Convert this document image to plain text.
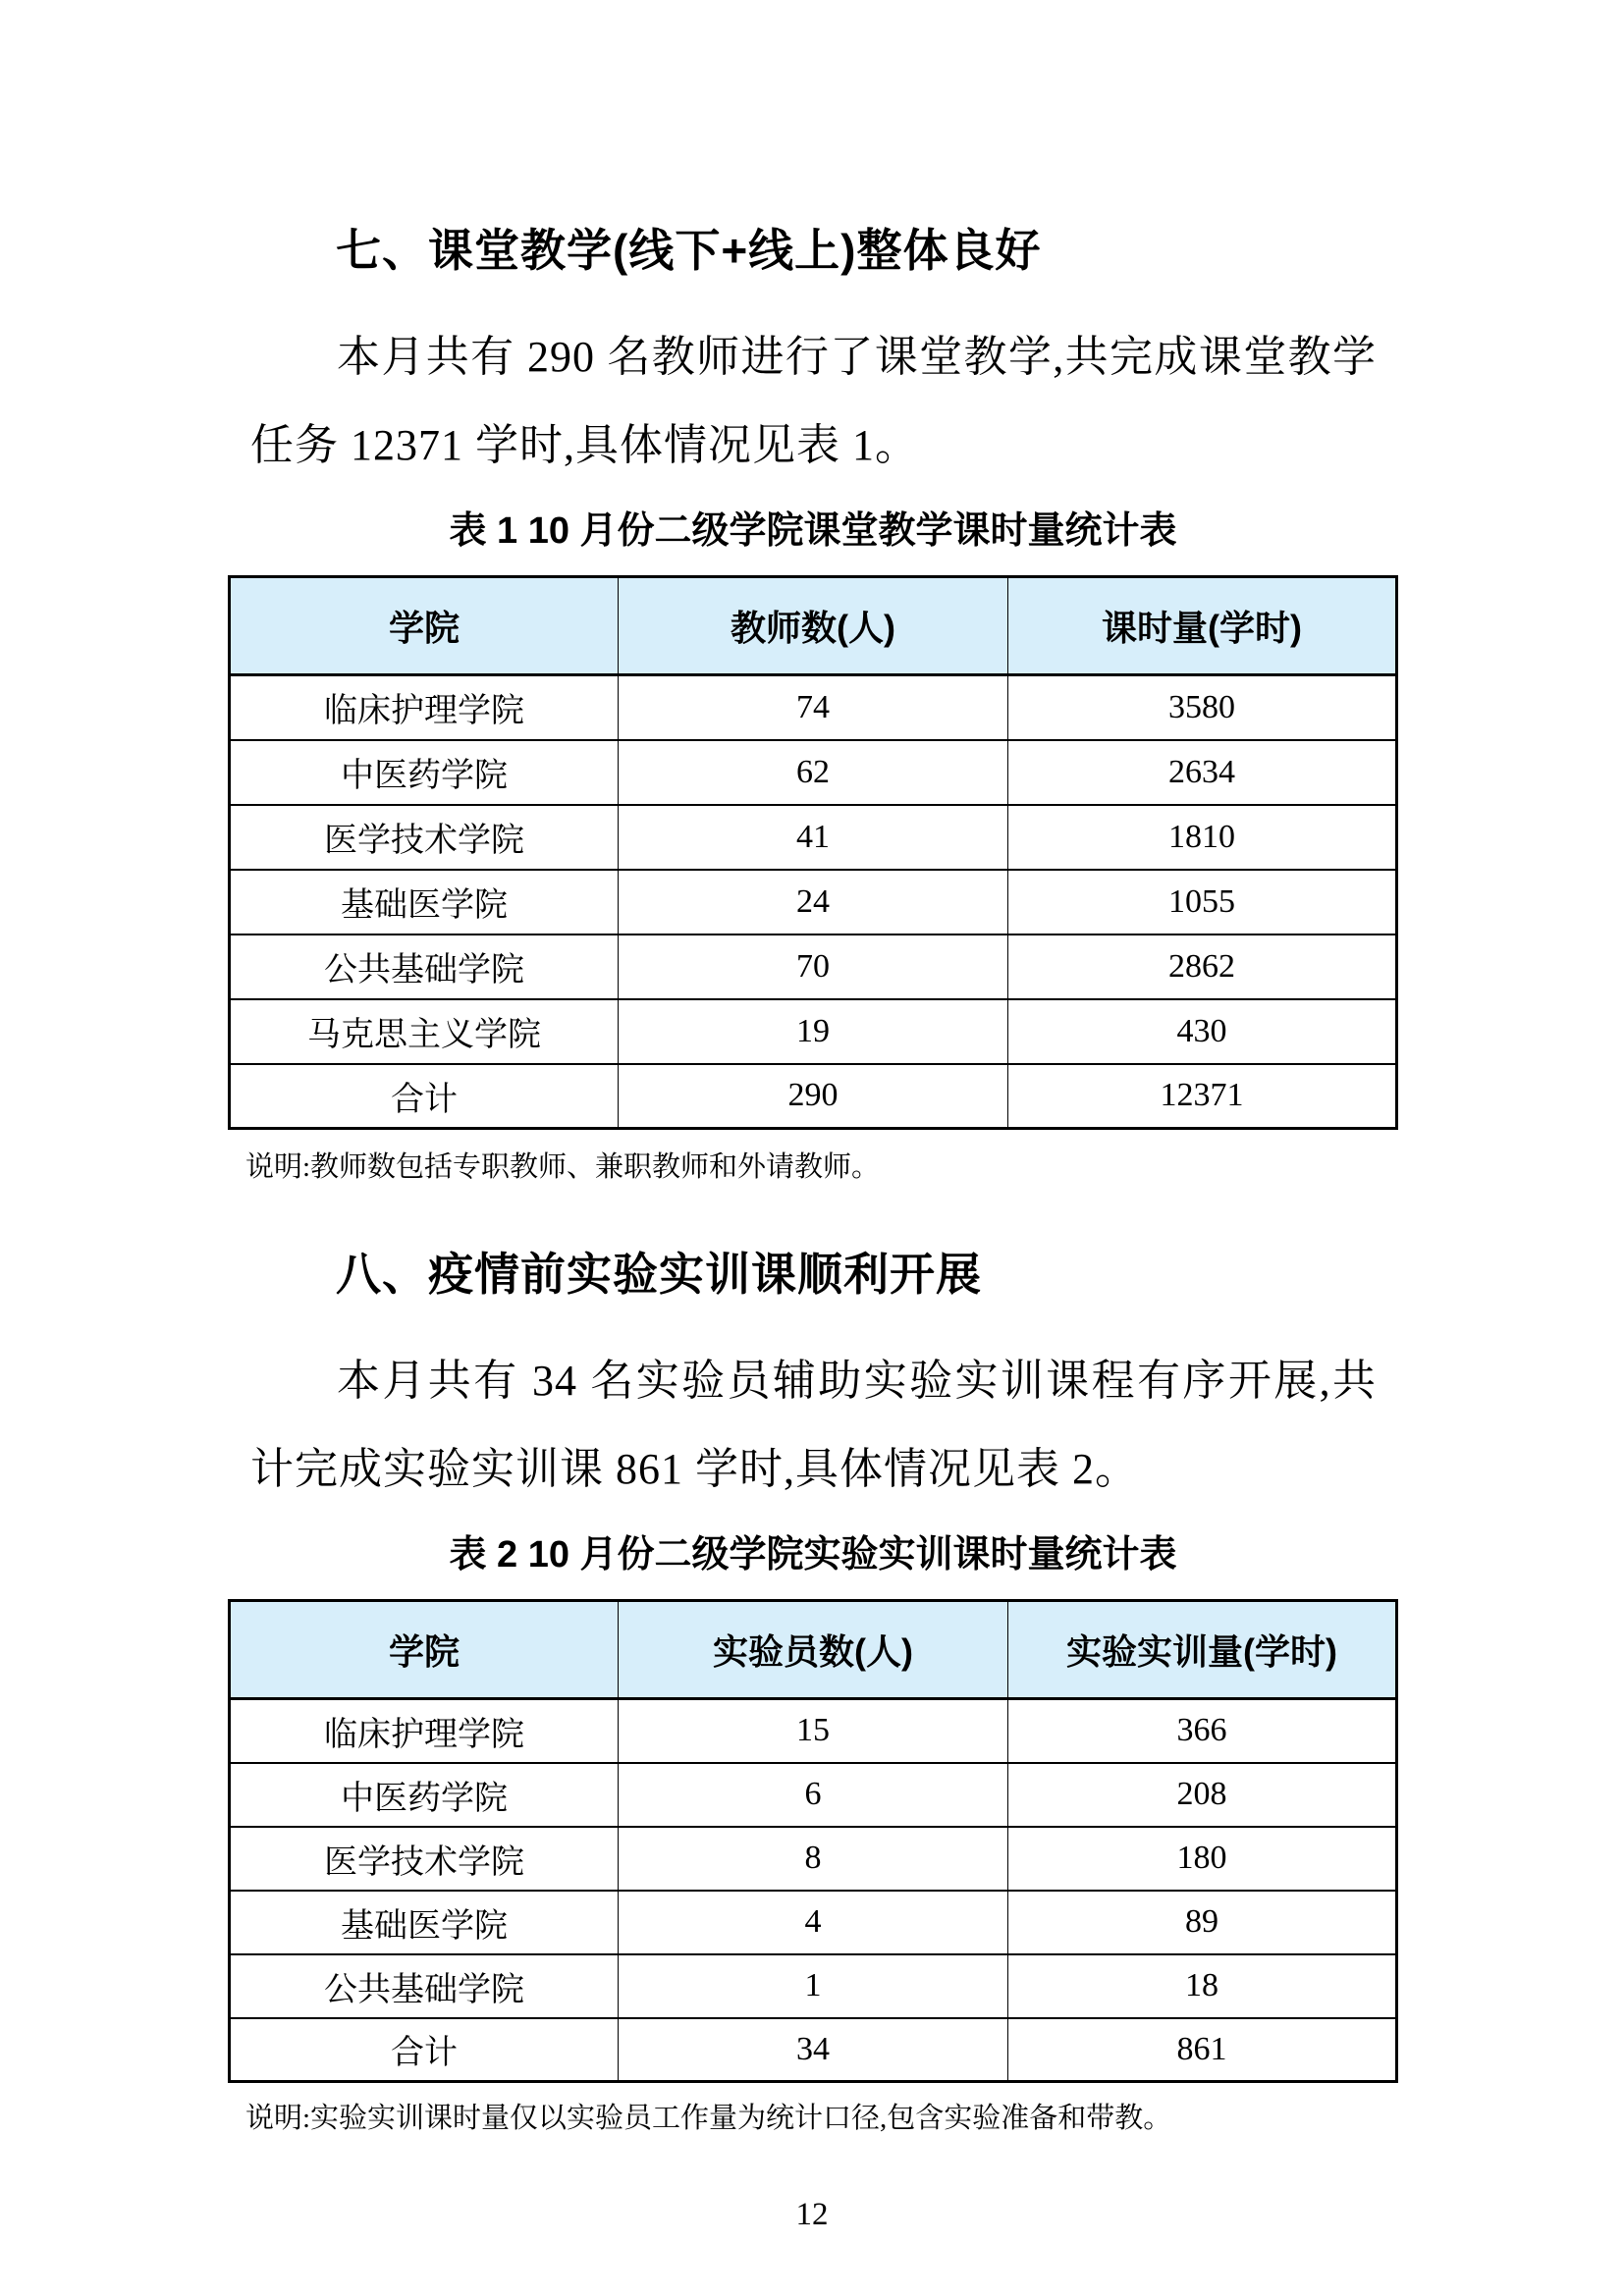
七、课堂教学(线下+线上)整体良好

本月共有 290 名教师进行了课堂教学,共完成课堂教学任务 12371 学时,具体情况见表 1。

表 1 10 月份二级学院课堂教学课时量统计表
学院	教师数(人)	课时量(学时)
临床护理学院	74	3580
中医药学院	62	2634
医学技术学院	41	1810
基础医学院	24	1055
公共基础学院	70	2862
马克思主义学院	19	430
合计	290	12371
说明:教师数包括专职教师、兼职教师和外请教师。
八、疫情前实验实训课顺利开展

本月共有 34 名实验员辅助实验实训课程有序开展,共计完成实验实训课 861 学时,具体情况见表 2。

表 2 10 月份二级学院实验实训课时量统计表
学院	实验员数(人)	实验实训量(学时)
临床护理学院	15	366
中医药学院	6	208
医学技术学院	8	180
基础医学院	4	89
公共基础学院	1	18
合计	34	861
说明:实验实训课时量仅以实验员工作量为统计口径,包含实验准备和带教。
12
